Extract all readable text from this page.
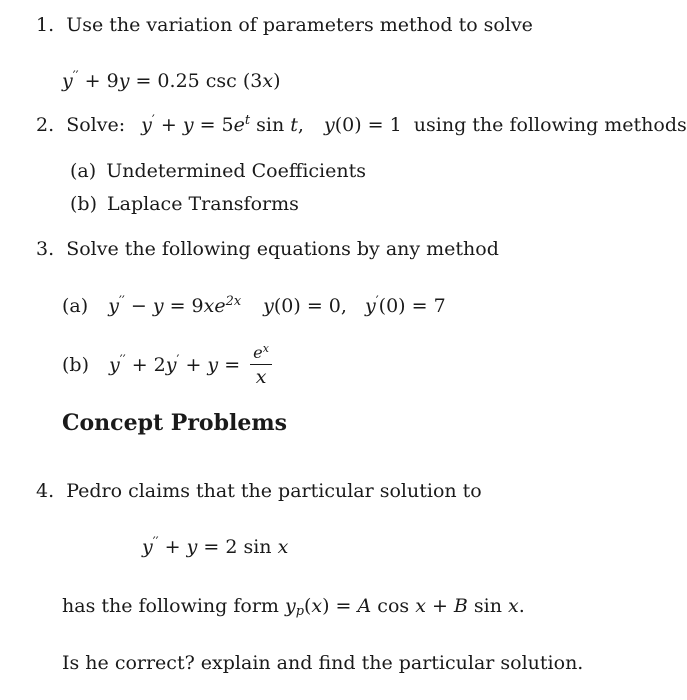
1. Use the variation of parameters method to solve
y′′ + 9y = 0.25 csc (3x)
2. Solve: $y' + y = 5e^t$ sin t, y(0) = 1 using the following methods
(a) Undetermined Coefficients
(b) Laplace Transforms
3. Solve the following equations by any method
(a) $y'' - y = 9xe^{2x}$ y(0) = 0, y′(0) = 7
(b) $y'' + 2y' + y = \frac{e^x}{x}$
Concept Problems
4. Pedro claims that the particular solution to
y′′ + y = 2 sin x
has the following form $y_p(x) = A$ cos x + B sin x.
Is he correct? explain and find the particular solution.
